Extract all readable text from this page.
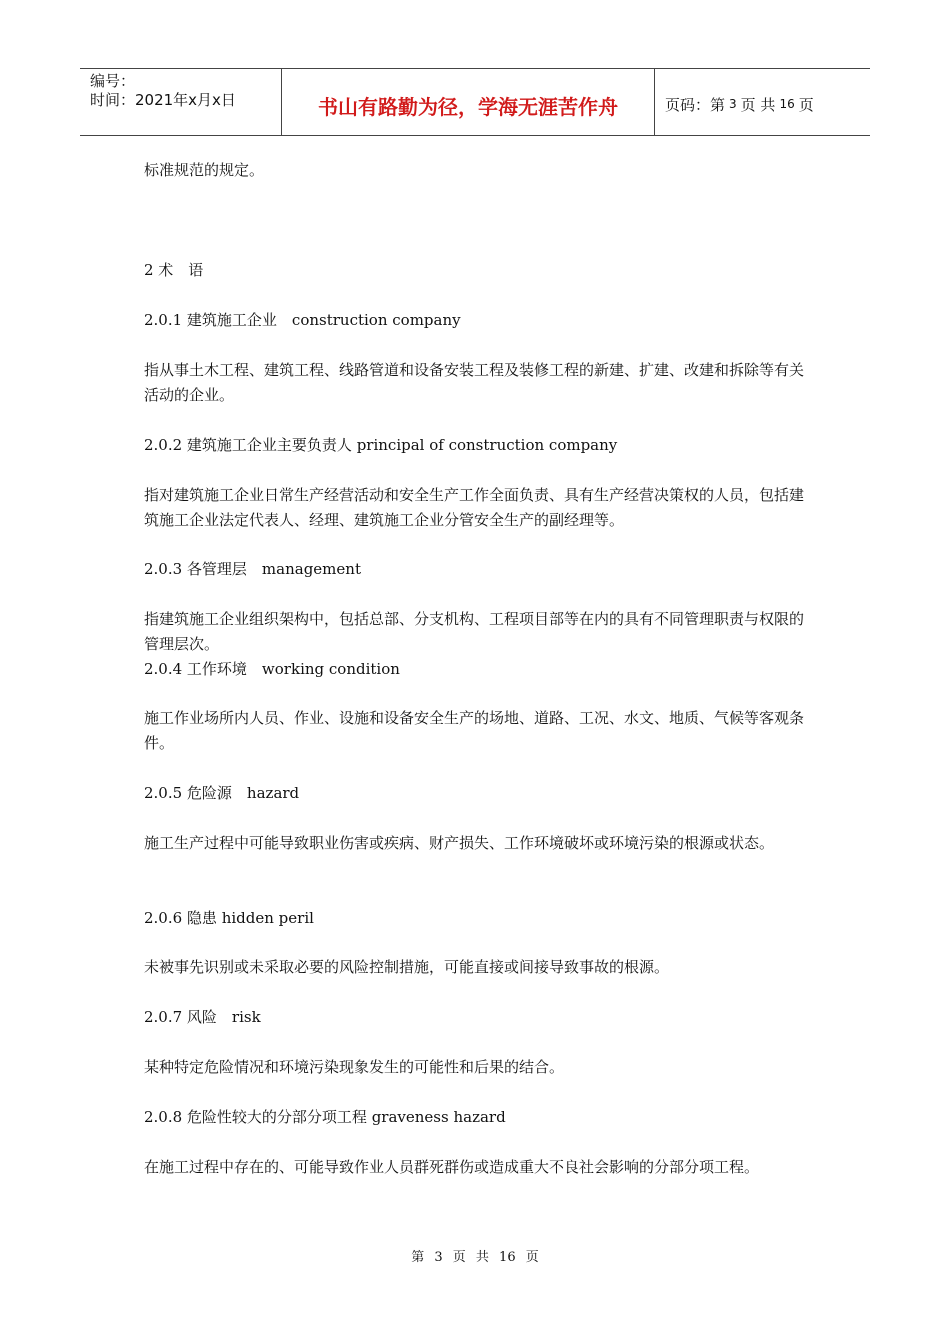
编号：
时间：2021年x月x日	书山有路勤为径，学海无涯苦作舟	页码：第 3 页 共 16 页

标准规范的规定。

2 术　语

2.0.1 建筑施工企业　construction company

指从事土木工程、建筑工程、线路管道和设备安装工程及装修工程的新建、扩建、改建和拆除等有关活动的企业。

2.0.2 建筑施工企业主要负责人 principal of construction company

指对建筑施工企业日常生产经营活动和安全生产工作全面负责、具有生产经营决策权的人员，包括建筑施工企业法定代表人、经理、建筑施工企业分管安全生产的副经理等。

2.0.3 各管理层　management

指建筑施工企业组织架构中，包括总部、分支机构、工程项目部等在内的具有不同管理职责与权限的管理层次。

2.0.4 工作环境　working condition

施工作业场所内人员、作业、设施和设备安全生产的场地、道路、工况、水文、地质、气候等客观条件。

2.0.5 危险源　hazard

施工生产过程中可能导致职业伤害或疾病、财产损失、工作环境破坏或环境污染的根源或状态。

2.0.6 隐患 hidden peril

未被事先识别或未采取必要的风险控制措施，可能直接或间接导致事故的根源。

2.0.7 风险　risk

某种特定危险情况和环境污染现象发生的可能性和后果的结合。

2.0.8 危险性较大的分部分项工程 graveness hazard

在施工过程中存在的、可能导致作业人员群死群伤或造成重大不良社会影响的分部分项工程。

第 3 页 共 16 页
